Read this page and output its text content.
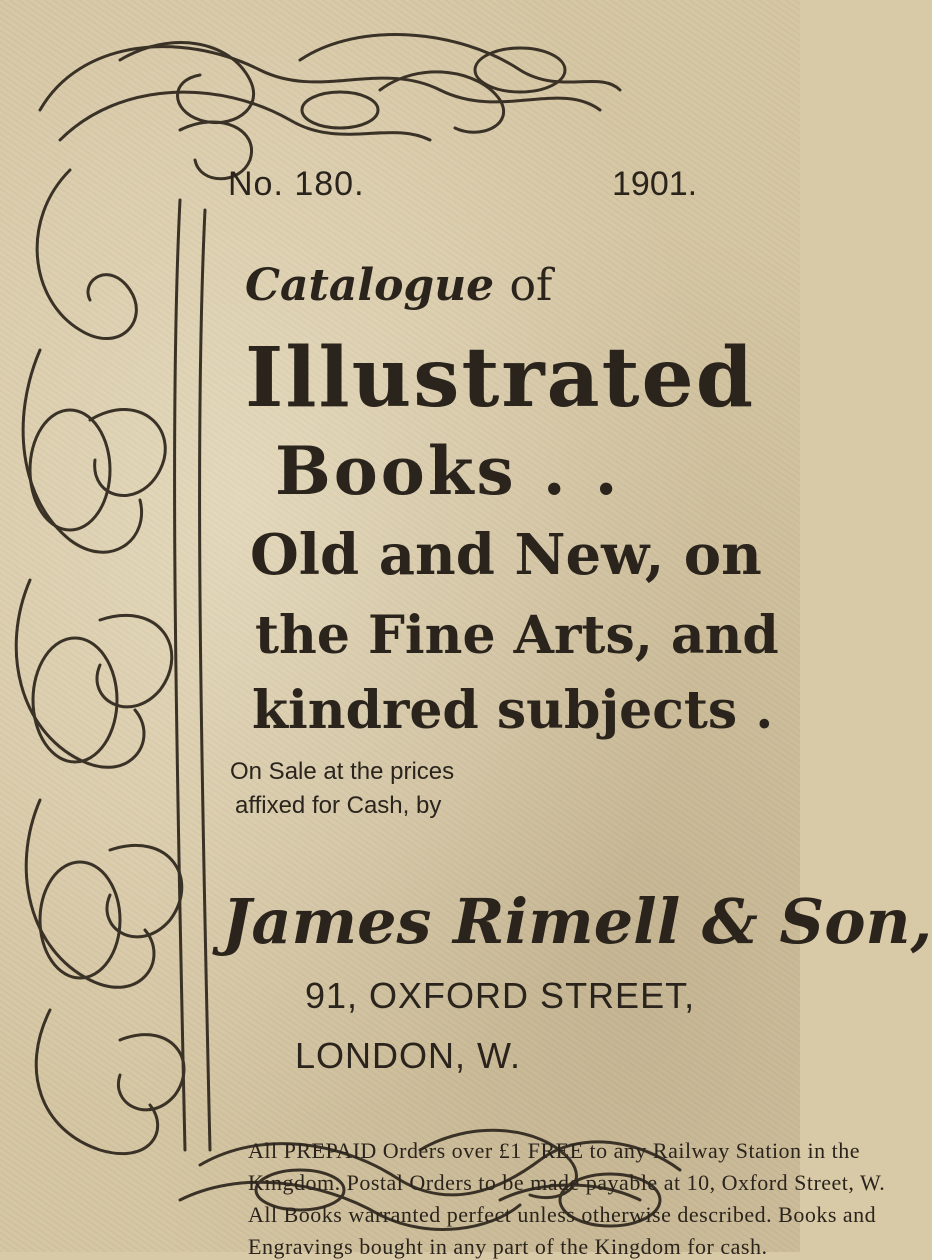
No. 180.	1901.
Catalogue of
Illustrated
Books . .
Old and New, on
the Fine Arts, and
kindred subjects .
On Sale at the prices
affixed for Cash, by
James Rimell & Son,
91, OXFORD STREET,
LONDON, W.
All PREPAID Orders over £1 FREE to any Railway Station in the
Kingdom. Postal Orders to be made payable at 10, Oxford Street, W.
All Books warranted perfect unless otherwise described. Books and
Engravings bought in any part of the Kingdom for cash.
